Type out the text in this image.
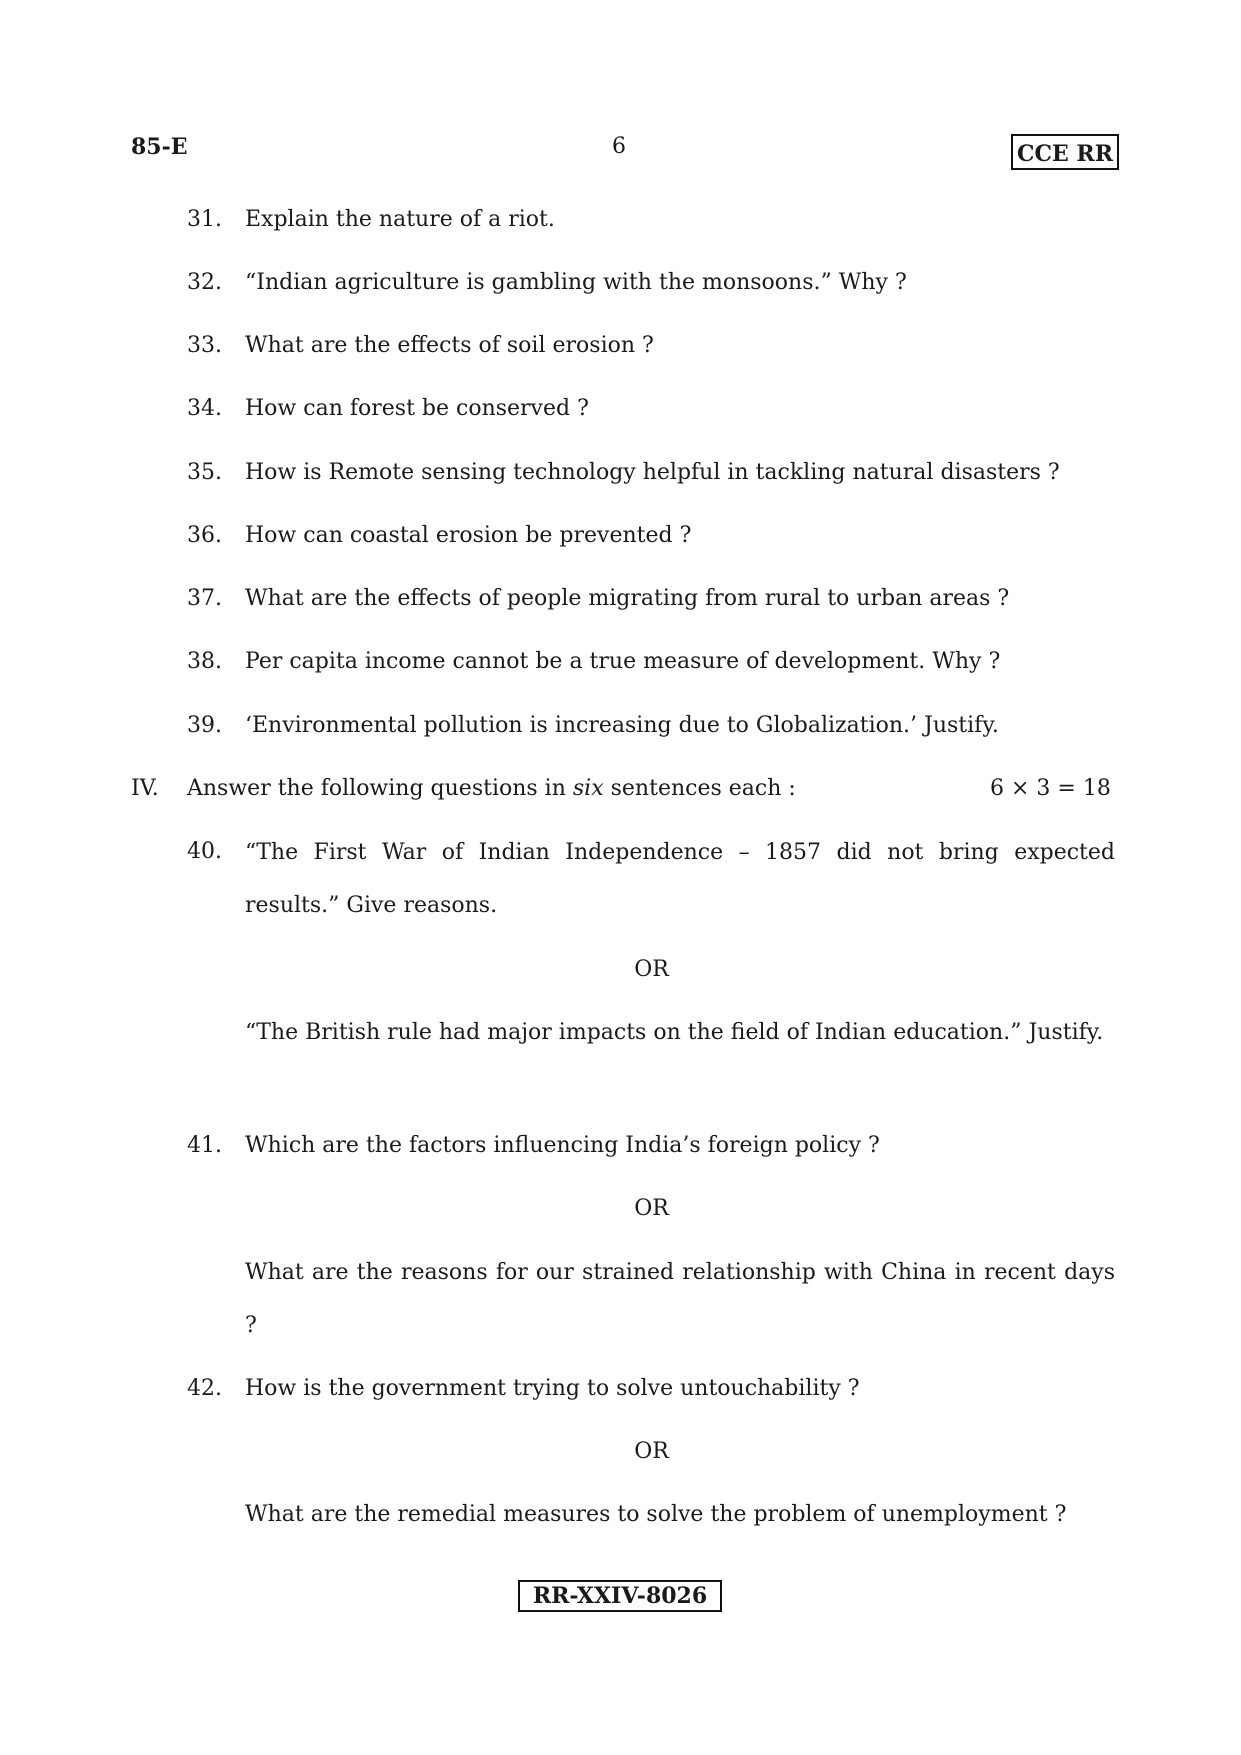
85-E	6	CCE RR
31. Explain the nature of a riot.
32. “Indian agriculture is gambling with the monsoons.” Why ?
33. What are the effects of soil erosion ?
34. How can forest be conserved ?
35. How is Remote sensing technology helpful in tackling natural disasters ?
36. How can coastal erosion be prevented ?
37. What are the effects of people migrating from rural to urban areas ?
38. Per capita income cannot be a true measure of development. Why ?
39. ‘Environmental pollution is increasing due to Globalization.’ Justify.
IV. Answer the following questions in six sentences each :	6 × 3 = 18
40. “The First War of Indian Independence – 1857 did not bring expected results.” Give reasons.
OR
“The British rule had major impacts on the field of Indian education.” Justify.
41. Which are the factors influencing India’s foreign policy ?
OR
What are the reasons for our strained relationship with China in recent days ?
42. How is the government trying to solve untouchability ?
OR
What are the remedial measures to solve the problem of unemployment ?
RR-XXIV-8026
